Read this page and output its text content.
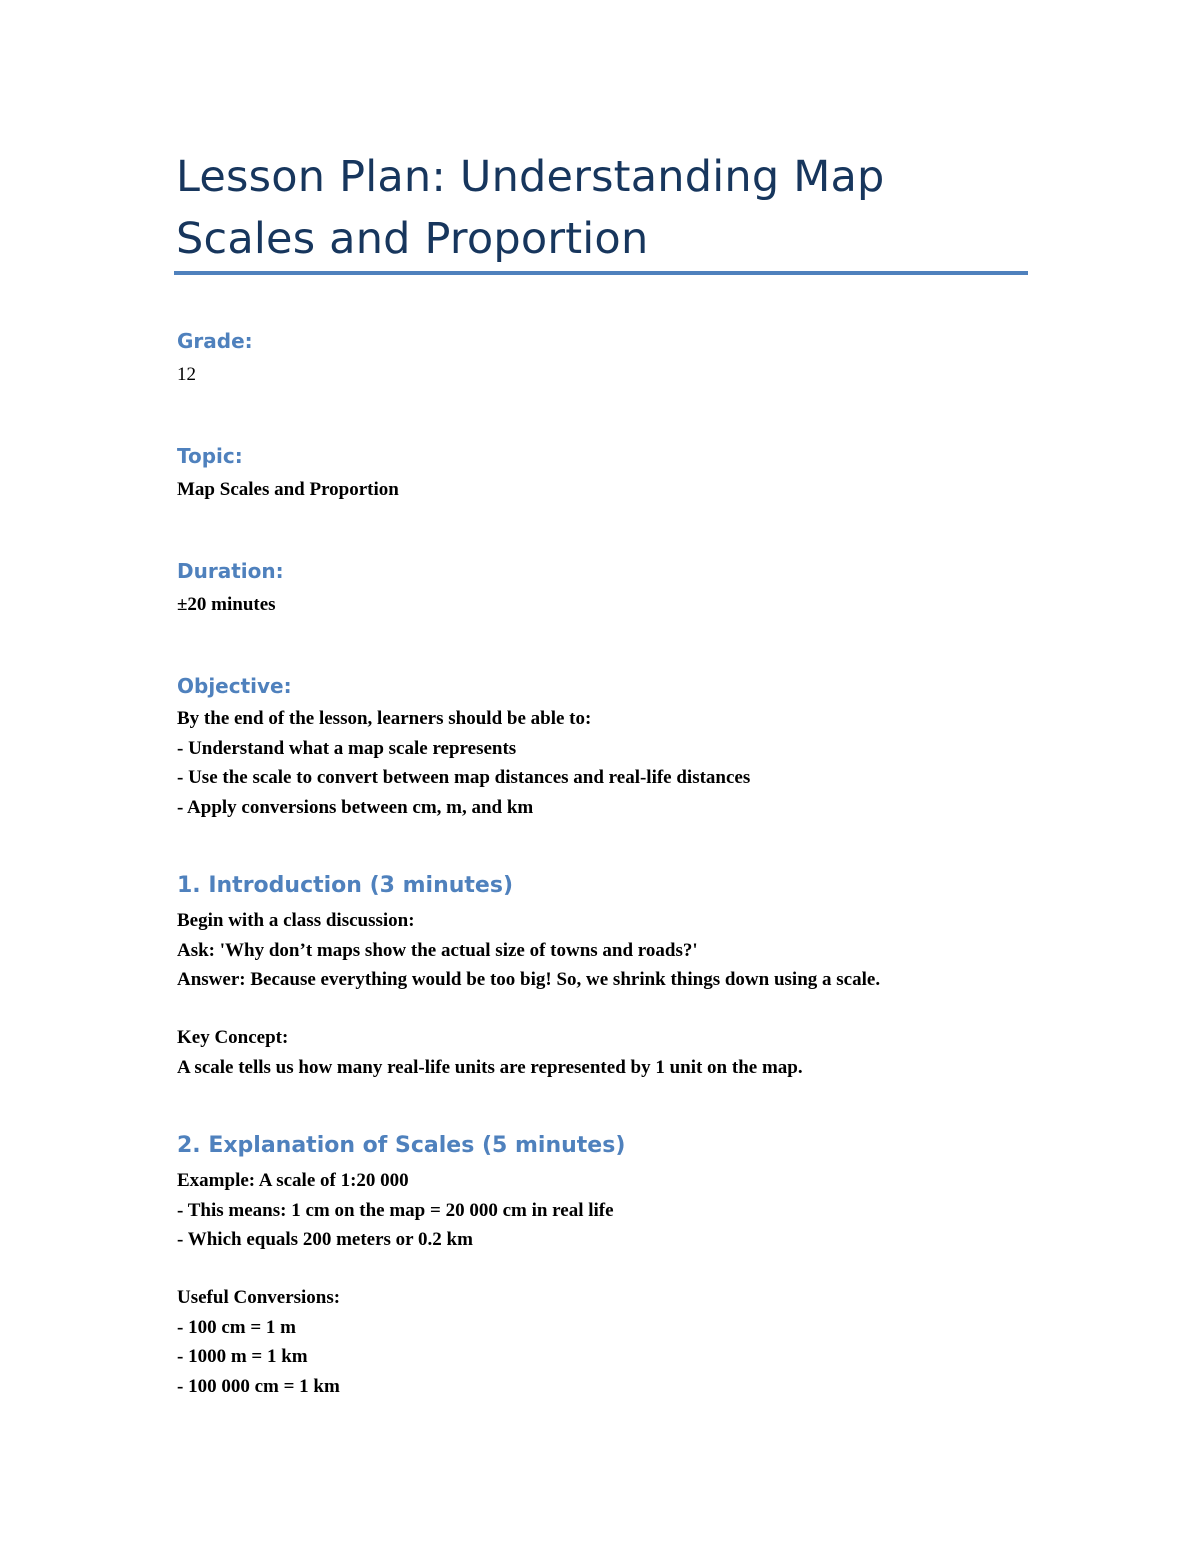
Lesson Plan: Understanding Map Scales and Proportion
Grade:

12

Topic:

Map Scales and Proportion

Duration:

±20 minutes

Objective:
By the end of the lesson, learners should be able to:
- Understand what a map scale represents
- Use the scale to convert between map distances and real-life distances
- Apply conversions between cm, m, and km
1. Introduction (3 minutes)
Begin with a class discussion:
Ask: 'Why don’t maps show the actual size of towns and roads?'
Answer: Because everything would be too big! So, we shrink things down using a scale.
Key Concept:
A scale tells us how many real-life units are represented by 1 unit on the map.
2. Explanation of Scales (5 minutes)
Example: A scale of 1:20 000
- This means: 1 cm on the map = 20 000 cm in real life
- Which equals 200 meters or 0.2 km
Useful Conversions:
- 100 cm = 1 m
- 1000 m = 1 km
- 100 000 cm = 1 km
